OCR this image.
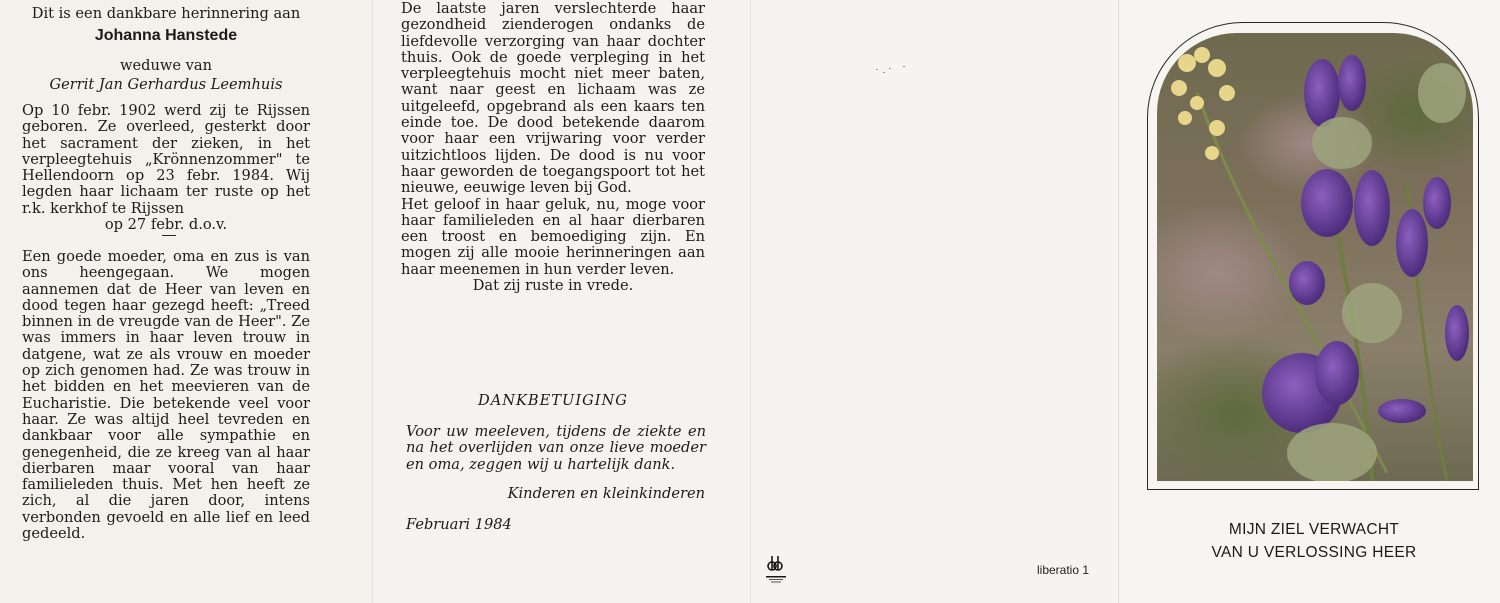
Dit is een dankbare herinnering aan
Johanna Hanstede
weduwe van
Gerrit Jan Gerhardus Leemhuis
Op 10 febr. 1902 werd zij te Rijssen geboren. Ze overleed, gesterkt door het sacrament der zieken, in het verpleegtehuis „Krönnenzommer" te Hellendoorn op 23 febr. 1984. Wij legden haar lichaam ter ruste op het r.k. kerkhof te Rijssen
op 27 febr. d.o.v.
Een goede moeder, oma en zus is van ons heengegaan. We mogen aannemen dat de Heer van leven en dood tegen haar gezegd heeft: „Treed binnen in de vreugde van de Heer". Ze was immers in haar leven trouw in datgene, wat ze als vrouw en moeder op zich genomen had. Ze was trouw in het bidden en het meevieren van de Eucharistie. Die betekende veel voor haar. Ze was altijd heel tevreden en dankbaar voor alle sympathie en genegenheid, die ze kreeg van al haar dierbaren maar vooral van haar familieleden thuis. Met hen heeft ze zich, al die jaren door, intens verbonden gevoeld en alle lief en leed gedeeld.
De laatste jaren verslechterde haar gezondheid zienderogen ondanks de liefdevolle verzorging van haar dochter thuis. Ook de goede verpleging in het verpleegtehuis mocht niet meer baten, want naar geest en lichaam was ze uitgeleefd, opgebrand als een kaars ten einde toe. De dood betekende daarom voor haar een vrijwaring voor verder uitzichtloos lijden. De dood is nu voor haar geworden de toegangspoort tot het nieuwe, eeuwige leven bij God.
Het geloof in haar geluk, nu, moge voor haar familieleden en al haar dierbaren een troost en bemoediging zijn. En mogen zij alle mooie herinneringen aan haar meenemen in hun verder leven.
Dat zij ruste in vrede.
DANKBETUIGING
Voor uw meeleven, tijdens de ziekte en na het overlijden van onze lieve moeder en oma, zeggen wij u hartelijk dank.
Kinderen en kleinkinderen
Februari 1984
liberatio 1
MIJN ZIEL VERWACHT
VAN U VERLOSSING HEER
